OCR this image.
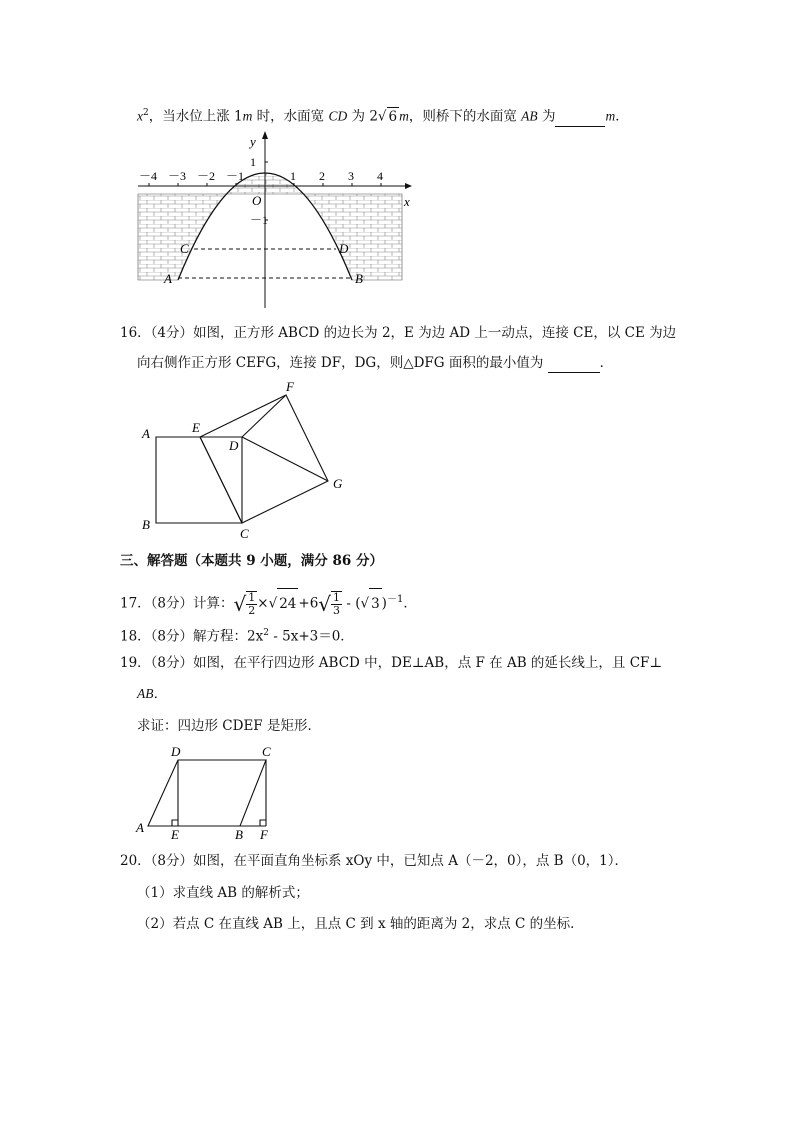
$x^2$，当水位上涨 1m 时，水面宽 CD 为 2√ 6 m，则桥下的水面宽 AB 为	m．
－4 －3 －2 －1	1 2 3 4
1
－1
y
x
O
C	D
A	B
16．（4分）如图，正方形 ABCD 的边长为 2，E 为边 AD 上一动点，连接 CE，以 CE 为边
向右侧作正方形 CEFG，连接 DF，DG，则△DFG 面积的最小值为	．
A
B
C
D
E
F
G
三、解答题（本题共 9 小题，满分 86 分）
17．（8分）计算：√ $\frac{1}{2}$ ×√ $24 +6√ \frac{1}{3}$ - (√ 3 )$^{-1}$．
18．（8分）解方程：$2x^2 - 5x+3=0$．
19．（8分）如图，在平行四边形 ABCD 中，DE⊥AB，点 F 在 AB 的延长线上，且 CF⊥
AB．
求证：四边形 CDEF 是矩形．
A
D	C
E	B F
20．（8分）如图，在平面直角坐标系 xOy 中，已知点 A（－2，0），点 B（0，1）．
（1）求直线 AB 的解析式；
（2）若点 C 在直线 AB 上，且点 C 到 x 轴的距离为 2，求点 C 的坐标．
